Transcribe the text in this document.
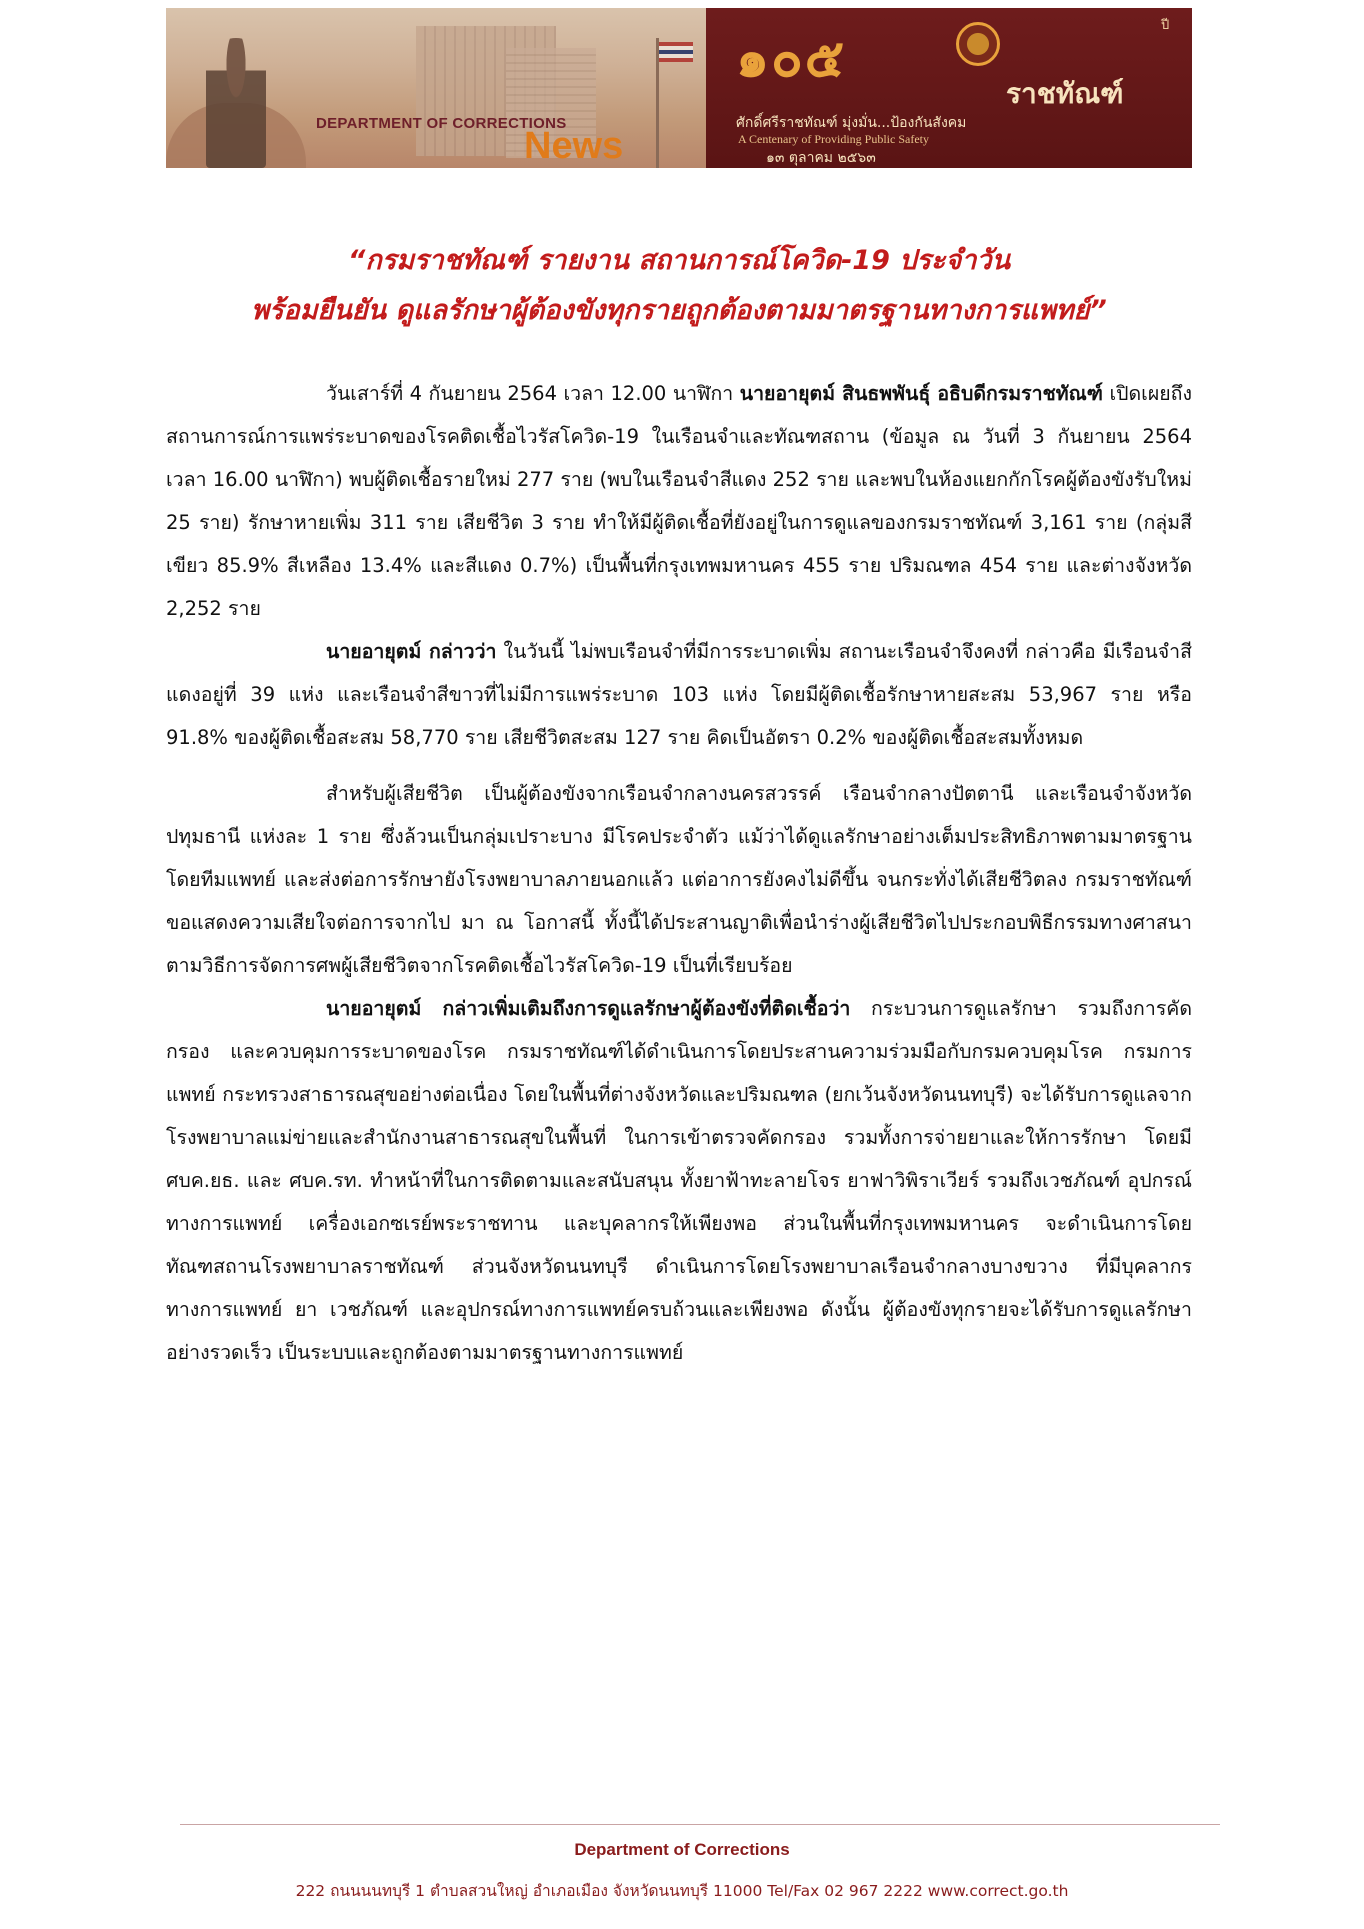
DEPARTMENT OF CORRECTIONS
News
๑๐๕
ปี
ราชทัณฑ์
ศักดิ์ศรีราชทัณฑ์ มุ่งมั่น...ป้องกันสังคม
A Centenary of Providing Public Safety
๑๓ ตุลาคม ๒๕๖๓
“กรมราชทัณฑ์ รายงาน สถานการณ์โควิด-19 ประจำวัน
พร้อมยืนยัน ดูแลรักษาผู้ต้องขังทุกรายถูกต้องตามมาตรฐานทางการแพทย์”

วันเสาร์ที่ 4 กันยายน 2564 เวลา 12.00 นาฬิกา นายอายุตม์ สินธพพันธุ์ อธิบดีกรมราชทัณฑ์ เปิดเผยถึงสถานการณ์การแพร่ระบาดของโรคติดเชื้อไวรัสโควิด-19 ในเรือนจำและทัณฑสถาน (ข้อมูล ณ วันที่ 3 กันยายน 2564 เวลา 16.00 นาฬิกา) พบผู้ติดเชื้อรายใหม่ 277 ราย (พบในเรือนจำสีแดง 252 ราย และพบในห้องแยกกักโรคผู้ต้องขังรับใหม่ 25 ราย) รักษาหายเพิ่ม 311 ราย เสียชีวิต 3 ราย ทำให้มีผู้ติดเชื้อที่ยังอยู่ในการดูแลของกรมราชทัณฑ์ 3,161 ราย (กลุ่มสีเขียว 85.9% สีเหลือง 13.4% และสีแดง 0.7%) เป็นพื้นที่กรุงเทพมหานคร 455 ราย ปริมณฑล 454 ราย และต่างจังหวัด 2,252 ราย

นายอายุตม์ กล่าวว่า ในวันนี้ ไม่พบเรือนจำที่มีการระบาดเพิ่ม สถานะเรือนจำจึงคงที่ กล่าวคือ มีเรือนจำสีแดงอยู่ที่ 39 แห่ง และเรือนจำสีขาวที่ไม่มีการแพร่ระบาด 103 แห่ง โดยมีผู้ติดเชื้อรักษาหายสะสม 53,967 ราย หรือ 91.8% ของผู้ติดเชื้อสะสม 58,770 ราย เสียชีวิตสะสม 127 ราย คิดเป็นอัตรา 0.2% ของผู้ติดเชื้อสะสมทั้งหมด

สำหรับผู้เสียชีวิต เป็นผู้ต้องขังจากเรือนจำกลางนครสวรรค์ เรือนจำกลางปัตตานี และเรือนจำจังหวัดปทุมธานี แห่งละ 1 ราย ซึ่งล้วนเป็นกลุ่มเปราะบาง มีโรคประจำตัว แม้ว่าได้ดูแลรักษาอย่างเต็มประสิทธิภาพตามมาตรฐานโดยทีมแพทย์ และส่งต่อการรักษายังโรงพยาบาลภายนอกแล้ว แต่อาการยังคงไม่ดีขึ้น จนกระทั่งได้เสียชีวิตลง กรมราชทัณฑ์ ขอแสดงความเสียใจต่อการจากไป มา ณ โอกาสนี้ ทั้งนี้ได้ประสานญาติเพื่อนำร่างผู้เสียชีวิตไปประกอบพิธีกรรมทางศาสนาตามวิธีการจัดการศพผู้เสียชีวิตจากโรคติดเชื้อไวรัสโควิด-19 เป็นที่เรียบร้อย

นายอายุตม์ กล่าวเพิ่มเติมถึงการดูแลรักษาผู้ต้องขังที่ติดเชื้อว่า กระบวนการดูแลรักษา รวมถึงการคัดกรอง และควบคุมการระบาดของโรค กรมราชทัณฑ์ได้ดำเนินการโดยประสานความร่วมมือกับกรมควบคุมโรค กรมการแพทย์ กระทรวงสาธารณสุขอย่างต่อเนื่อง โดยในพื้นที่ต่างจังหวัดและปริมณฑล (ยกเว้นจังหวัดนนทบุรี) จะได้รับการดูแลจากโรงพยาบาลแม่ข่ายและสำนักงานสาธารณสุขในพื้นที่ ในการเข้าตรวจคัดกรอง รวมทั้งการจ่ายยาและให้การรักษา โดยมี ศบค.ยธ. และ ศบค.รท. ทำหน้าที่ในการติดตามและสนับสนุน ทั้งยาฟ้าทะลายโจร ยาฟาวิพิราเวียร์ รวมถึงเวชภัณฑ์ อุปกรณ์ทางการแพทย์ เครื่องเอกซเรย์พระราชทาน และบุคลากรให้เพียงพอ ส่วนในพื้นที่กรุงเทพมหานคร จะดำเนินการโดยทัณฑสถานโรงพยาบาลราชทัณฑ์ ส่วนจังหวัดนนทบุรี ดำเนินการโดยโรงพยาบาลเรือนจำกลางบางขวาง ที่มีบุคลากรทางการแพทย์ ยา เวชภัณฑ์ และอุปกรณ์ทางการแพทย์ครบถ้วนและเพียงพอ ดังนั้น ผู้ต้องขังทุกรายจะได้รับการดูแลรักษาอย่างรวดเร็ว เป็นระบบและถูกต้องตามมาตรฐานทางการแพทย์

Department of Corrections
222 ถนนนนทบุรี 1 ตำบลสวนใหญ่ อำเภอเมือง จังหวัดนนทบุรี 11000 Tel/Fax 02 967 2222 www.correct.go.th
